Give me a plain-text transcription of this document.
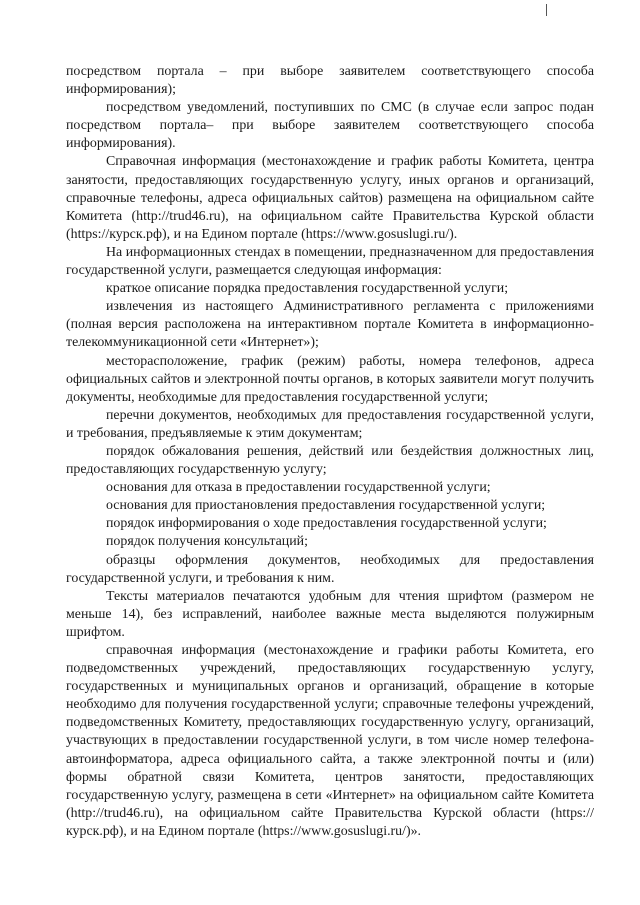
посредством портала – при выборе заявителем соответствующего способа информирования);

посредством уведомлений, поступивших по СМС (в случае если запрос подан посредством портала– при выборе заявителем соответствующего способа информирования).

Справочная информация (местонахождение и график работы Комитета, центра занятости, предоставляющих государственную услугу, иных органов и организаций, справочные телефоны, адреса официальных сайтов) размещена на официальном сайте Комитета (http://trud46.ru), на официальном сайте Правительства Курской области (https://курск.рф), и на Едином портале (https://www.gosuslugi.ru/).

На информационных стендах в помещении, предназначенном для предоставления государственной услуги, размещается следующая информация:

краткое описание порядка предоставления государственной услуги;

извлечения из настоящего Административного регламента с приложениями (полная версия расположена на интерактивном портале Комитета в информационно-телекоммуникационной сети «Интернет»);

месторасположение, график (режим) работы, номера телефонов, адреса официальных сайтов и электронной почты органов, в которых заявители могут получить документы, необходимые для предоставления государственной услуги;

перечни документов, необходимых для предоставления государственной услуги, и требования, предъявляемые к этим документам;

порядок обжалования решения, действий или бездействия должностных лиц, предоставляющих государственную услугу;

основания для отказа в предоставлении государственной услуги;

основания для приостановления предоставления государственной услуги;

порядок информирования о ходе предоставления государственной услуги;

порядок получения консультаций;

образцы оформления документов, необходимых для предоставления государственной услуги, и требования к ним.

Тексты материалов печатаются удобным для чтения шрифтом (размером не меньше 14), без исправлений, наиболее важные места выделяются полужирным шрифтом.

справочная информация (местонахождение и графики работы Комитета, его подведомственных учреждений, предоставляющих государственную услугу, государственных и муниципальных органов и организаций, обращение в которые необходимо для получения государственной услуги; справочные телефоны учреждений, подведомственных Комитету, предоставляющих государственную услугу, организаций, участвующих в предоставлении государственной услуги, в том числе номер телефона-автоинформатора, адреса официального сайта, а также электронной почты и (или) формы обратной связи Комитета, центров занятости, предоставляющих государственную услугу, размещена в сети «Интернет» на официальном сайте Комитета (http://trud46.ru), на официальном сайте Правительства Курской области (https://курск.рф), и на Едином портале (https://www.gosuslugi.ru/)».
